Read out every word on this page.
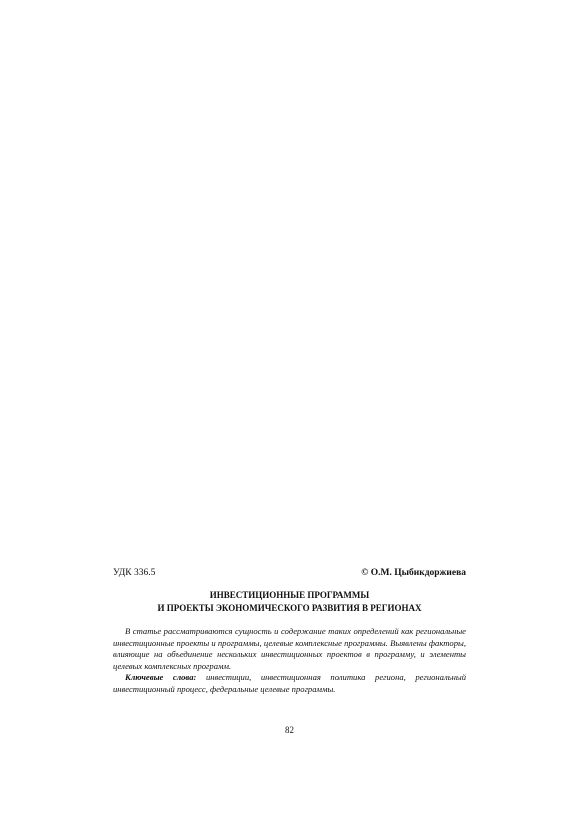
УДК 336.5	© О.М. Цыбикдоржиева
ИНВЕСТИЦИОННЫЕ ПРОГРАММЫ
И ПРОЕКТЫ ЭКОНОМИЧЕСКОГО РАЗВИТИЯ В РЕГИОНАХ

В статье рассматриваются сущность и содержание таких определений как региональные инвестиционные проекты и программы, целевые комплексные программы. Выявлены факторы, влияющие на объединение нескольких инвестиционных проектов в программу, и элементы целевых комплексных программ.

Ключевые слова: инвестиции, инвестиционная политика региона, региональный инвестиционный процесс, федеральные целевые программы.

82
